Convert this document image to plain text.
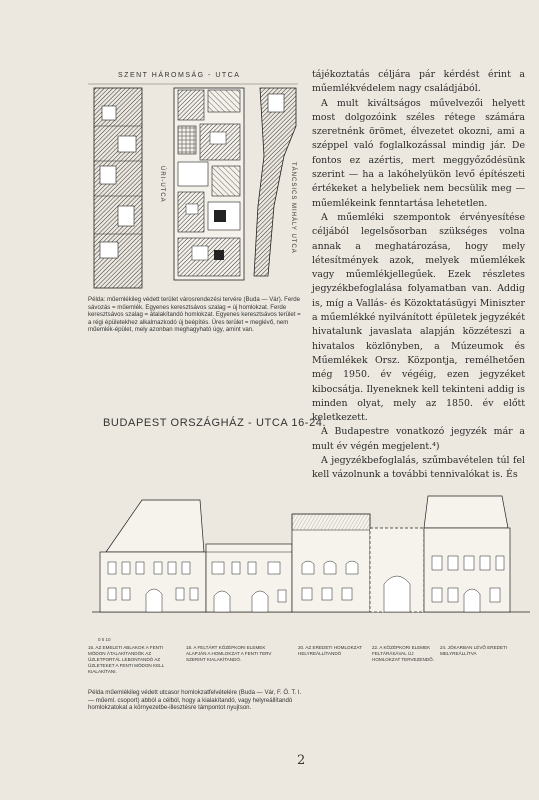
SZENT HÁROMSÁG - UTCA
ÚRI-UTCA	TÁNCSICS MIHÁLY UTCA
Példa: műemlékileg védett terület városrendezési tervére (Buda — Vár). Ferde sávozás = műemlék. Egyenes keresztsávos szalag = új homlokzat. Ferde keresztsávos szalag = átalakítandó homlokzat. Egyenes keresztsávos terület = a régi épületekhez alkalmazkodó új beépítés. Üres terület = meglévő, nem műemlék-épület, mely azonban meghagyható úgy, amint van.

tájékoztatás céljára pár kérdést érint a műemlékvédelem nagy családjából.

A mult kiváltságos művelvezői helyett most dolgozóink széles rétege számára szeretnénk örömet, élvezetet okozni, ami a széppel való foglalkozással mindig jár. De fontos ez azértis, mert meggyőződésünk szerint — ha a lakóhelyükön levő építészeti értékeket a helybeliek nem becsülik meg — műemlékeink fenntartása lehetetlen.

A műemléki szempontok érvényesítése céljából legelsősorban szükséges volna annak a meghatározása, hogy mely létesítmények azok, melyek műemlékek vagy műemlékjellegűek. Ezek részletes jegyzékbefoglalása folyamatban van. Addig is, míg a Vallás- és Közoktatásügyi Miniszter a műemlékké nyilvánított épületek jegyzékét hivatalunk javaslata alapján közzéteszi a hivatalos közlönyben, a Múzeumok és Műemlékek Orsz. Központja, remélhetően még 1950. év végéig, ezen jegyzéket kibocsátja. Ilyeneknek kell tekinteni addig is minden olyat, mely az 1850. év előtt keletkezett.

A Budapestre vonatkozó jegyzék már a mult év végén megjelent.⁴)

A jegyzékbefoglalás, szűmbavételen túl fel kell vázolnunk a további tennivalókat is. És

BUDAPEST ORSZÁGHÁZ - UTCA 16-24.
0 5 10
16. AZ EMELETI ABLAKOK A FENTI MÓDON ÁTALAKÍTANDÓK AZ ÜZLETPORTÁL LEBONTANDÓ AZ ÜZLETEKET A FENTI MÓDON KELL KIALAKÍTANI.
18. A FELTÁRT KÖZÉPKORI ELEMEK ALAPJÁN A HOMLOKZAT A FENTI TERV SZERINT KIALAKÍTANDÓ.
20. AZ EREDETI HOMLOKZAT HELYREÁLLÍTANDÓ
22. A KÖZÉPKORI ELEMEK FELTÁRÁSÁVAL ÚJ HOMLOKZAT TERVEZENDŐ.
24. JÓKARBAN LÉVŐ EREDETI MELYREÁLLÍTVA
Példa műemlékileg védett utcasor homlokzatfelvételére (Buda — Vár, F. Ö. T. I. — műeml. csoport) abból a célból, hogy a kialakítandó, vagy helyreállítandó homlokzatokat a környezetbe-illesztésre támpontot nyujtson.
2
